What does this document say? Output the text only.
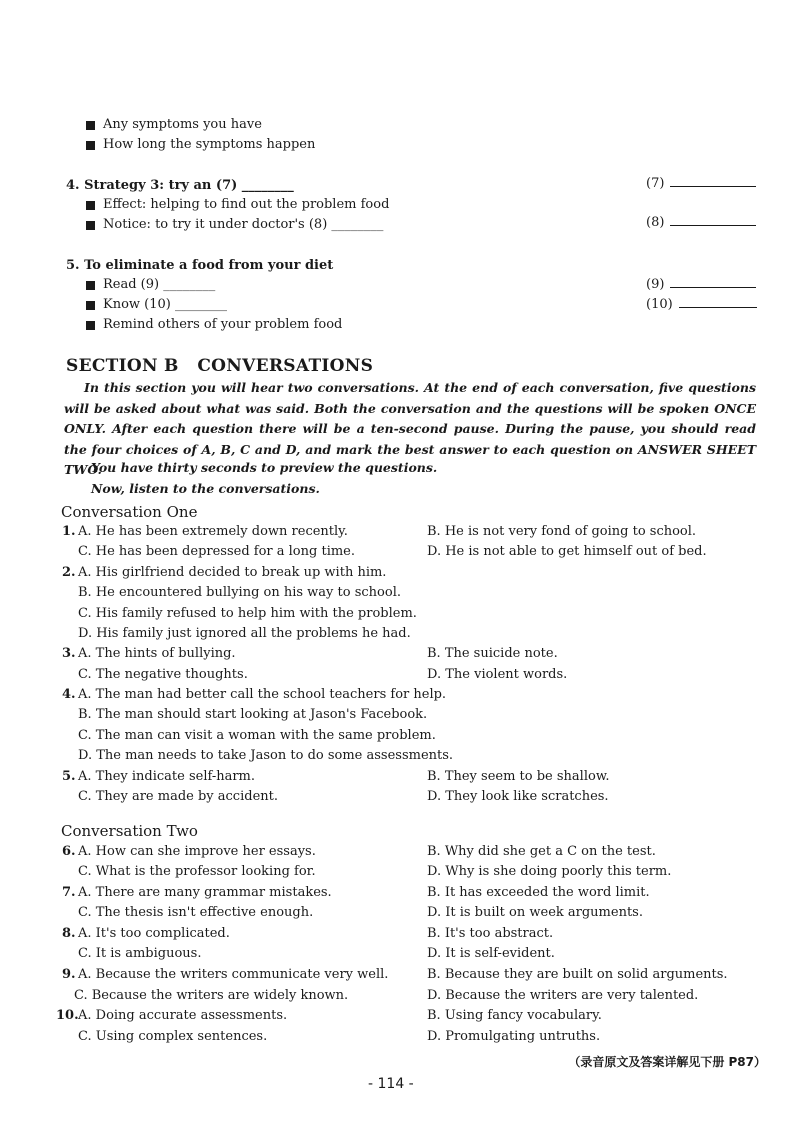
Any symptoms you have
How long the symptoms happen
4. Strategy 3: try an (7) ________
Effect: helping to find out the problem food
Notice: to try it under doctor's (8) ________
5. To eliminate a food from your diet
Read (9) ________
Know (10) ________
Remind others of your problem food
(7)
(8)
(9)
(10)
SECTION B   CONVERSATIONS
In this section you will hear two conversations. At the end of each conversation, five questions will be asked about what was said. Both the conversation and the questions will be spoken ONCE ONLY. After each question there will be a ten-second pause. During the pause, you should read the four choices of A, B, C and D, and mark the best answer to each question on ANSWER SHEET TWO.
You have thirty seconds to preview the questions.
Now, listen to the conversations.
Conversation One
1. A. He has been extremely down recently.	B. He is not very fond of going to school.
C. He has been depressed for a long time.	D. He is not able to get himself out of bed.
2. A. His girlfriend decided to break up with him.
B. He encountered bullying on his way to school.
C. His family refused to help him with the problem.
D. His family just ignored all the problems he had.
3. A. The hints of bullying.	B. The suicide note.
C. The negative thoughts.	D. The violent words.
4. A. The man had better call the school teachers for help.
B. The man should start looking at Jason's Facebook.
C. The man can visit a woman with the same problem.
D. The man needs to take Jason to do some assessments.
5. A. They indicate self-harm.	B. They seem to be shallow.
C. They are made by accident.	D. They look like scratches.
Conversation Two
6. A. How can she improve her essays.	B. Why did she get a C on the test.
C. What is the professor looking for.	D. Why is she doing poorly this term.
7. A. There are many grammar mistakes.	B. It has exceeded the word limit.
C. The thesis isn't effective enough.	D. It is built on week arguments.
8. A. It's too complicated.	B. It's too abstract.
C. It is ambiguous.	D. It is self-evident.
9. A. Because the writers communicate very well.	B. Because they are built on solid arguments.
C. Because the writers are widely known.	D. Because the writers are very talented.
10. A. Doing accurate assessments.	B. Using fancy vocabulary.
C. Using complex sentences.	D. Promulgating untruths.
（录音原文及答案详解见下册 P87）
- 114 -
